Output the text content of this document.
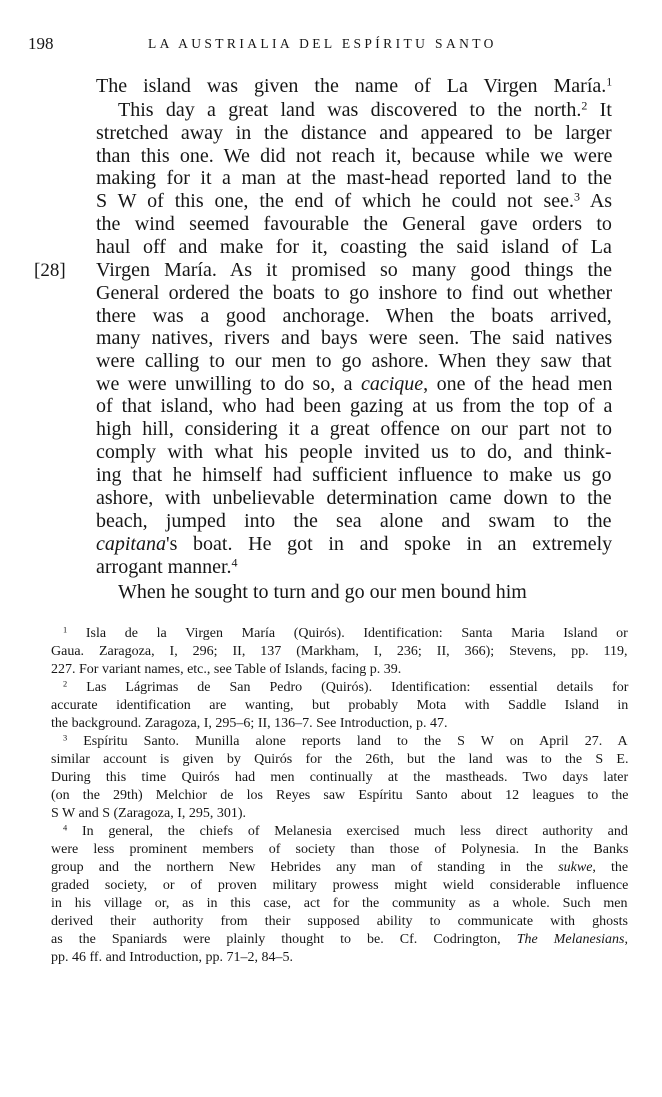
198	LA AUSTRIALIA DEL ESPÍRITU SANTO
[28]
The island was given the name of La Virgen María.$^1$
This day a great land was discovered to the north.$^2$ It
stretched away in the distance and appeared to be larger
than this one. We did not reach it, because while we were
making for it a man at the mast-head reported land to the
S W of this one, the end of which he could not see.$^3$ As
the wind seemed favourable the General gave orders to
haul off and make for it, coasting the said island of La
Virgen María. As it promised so many good things the
General ordered the boats to go inshore to find out whether
there was a good anchorage. When the boats arrived,
many natives, rivers and bays were seen. The said natives
were calling to our men to go ashore. When they saw that
we were unwilling to do so, a cacique, one of the head men
of that island, who had been gazing at us from the top of a
high hill, considering it a great offence on our part not to
comply with what his people invited us to do, and think-
ing that he himself had sufficient influence to make us go
ashore, with unbelievable determination came down to the
beach, jumped into the sea alone and swam to the
capitana's boat. He got in and spoke in an extremely
arrogant manner.$^4$
When he sought to turn and go our men bound him
$^1$ Isla de la Virgen María (Quirós). Identification: Santa Maria Island or
Gaua. Zaragoza, I, 296; II, 137 (Markham, I, 236; II, 366); Stevens, pp. 119,
227. For variant names, etc., see Table of Islands, facing p. 39.
$^2$ Las Lágrimas de San Pedro (Quirós). Identification: essential details for
accurate identification are wanting, but probably Mota with Saddle Island in
the background. Zaragoza, I, 295–6; II, 136–7. See Introduction, p. 47.
$^3$ Espíritu Santo. Munilla alone reports land to the S W on April 27. A
similar account is given by Quirós for the 26th, but the land was to the S E.
During this time Quirós had men continually at the mastheads. Two days later
(on the 29th) Melchior de los Reyes saw Espíritu Santo about 12 leagues to the
S W and S (Zaragoza, I, 295, 301).
$^4$ In general, the chiefs of Melanesia exercised much less direct authority and
were less prominent members of society than those of Polynesia. In the Banks
group and the northern New Hebrides any man of standing in the sukwe, the
graded society, or of proven military prowess might wield considerable influence
in his village or, as in this case, act for the community as a whole. Such men
derived their authority from their supposed ability to communicate with ghosts
as the Spaniards were plainly thought to be. Cf. Codrington, The Melanesians,
pp. 46 ff. and Introduction, pp. 71–2, 84–5.
